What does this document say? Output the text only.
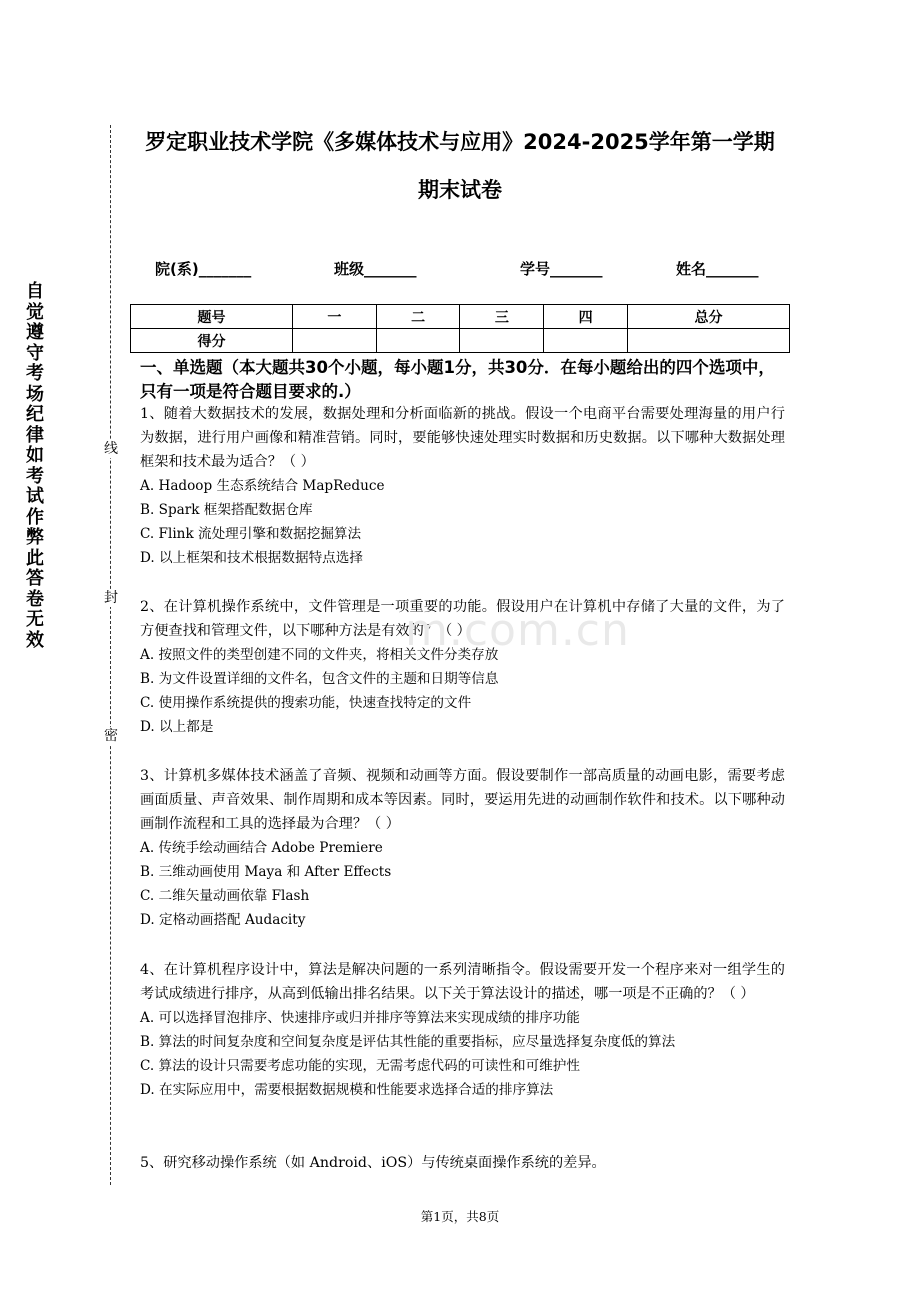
自觉遵守考场纪律如考试作弊此答卷无效
线
封
密
罗定职业技术学院《多媒体技术与应用》2024-2025学年第一学期
期末试卷
院(系)_______	班级_______	学号_______	姓名_______
题号	一	二	三	四	总分
得分					
一、单选题（本大题共30个小题，每小题1分，共30分．在每小题给出的四个选项中，只有一项是符合题目要求的.）
1、随着大数据技术的发展，数据处理和分析面临新的挑战。假设一个电商平台需要处理海量的用户行为数据，进行用户画像和精准营销。同时，要能够快速处理实时数据和历史数据。以下哪种大数据处理框架和技术最为适合？（ ）
A. Hadoop 生态系统结合 MapReduce
B. Spark 框架搭配数据仓库
C. Flink 流处理引擎和数据挖掘算法
D. 以上框架和技术根据数据特点选择
2、在计算机操作系统中，文件管理是一项重要的功能。假设用户在计算机中存储了大量的文件，为了方便查找和管理文件，以下哪种方法是有效的？（ ）
A. 按照文件的类型创建不同的文件夹，将相关文件分类存放
B. 为文件设置详细的文件名，包含文件的主题和日期等信息
C. 使用操作系统提供的搜索功能，快速查找特定的文件
D. 以上都是
3、计算机多媒体技术涵盖了音频、视频和动画等方面。假设要制作一部高质量的动画电影，需要考虑画面质量、声音效果、制作周期和成本等因素。同时，要运用先进的动画制作软件和技术。以下哪种动画制作流程和工具的选择最为合理？（ ）
A. 传统手绘动画结合 Adobe Premiere
B. 三维动画使用 Maya 和 After Effects
C. 二维矢量动画依靠 Flash
D. 定格动画搭配 Audacity
4、在计算机程序设计中，算法是解决问题的一系列清晰指令。假设需要开发一个程序来对一组学生的考试成绩进行排序，从高到低输出排名结果。以下关于算法设计的描述，哪一项是不正确的？（ ）
A. 可以选择冒泡排序、快速排序或归并排序等算法来实现成绩的排序功能
B. 算法的时间复杂度和空间复杂度是评估其性能的重要指标，应尽量选择复杂度低的算法
C. 算法的设计只需要考虑功能的实现，无需考虑代码的可读性和可维护性
D. 在实际应用中，需要根据数据规模和性能要求选择合适的排序算法
5、研究移动操作系统（如 Android、iOS）与传统桌面操作系统的差异。
m.com.cn
第1页，共8页
